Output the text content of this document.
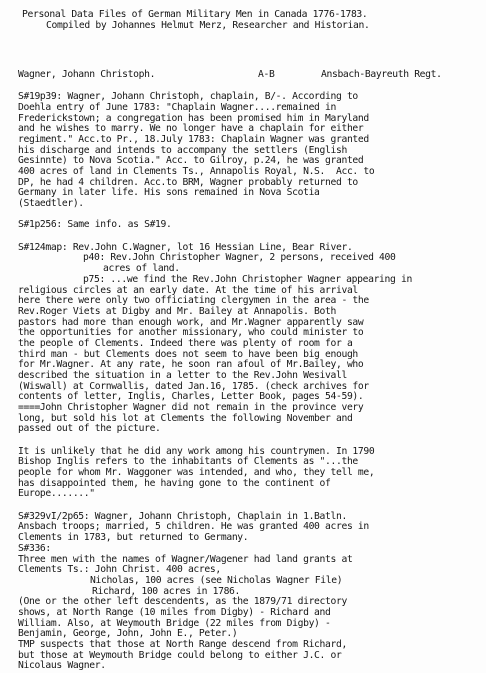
Personal Data Files of German Military Men in Canada 1776-1783.
Compiled by Johannes Helmut Merz, Researcher and Historian.
Wagner, Johann Christoph.	A-B	Ansbach-Bayreuth Regt.
S#19p39: Wagner, Johann Christoph, chaplain, B/-. According to
Doehla entry of June 1783: "Chaplain Wagner....remained in
Frederickstown; a congregation has been promised him in Maryland
and he wishes to marry. We no longer have a chaplain for either
regiment." Acc.to Pr., 18.July 1783: Chaplain Wagner was granted
his discharge and intends to accompany the settlers (English
Gesinnte) to Nova Scotia." Acc. to Gilroy, p.24, he was granted
400 acres of land in Clements Ts., Annapolis Royal, N.S.  Acc. to
DP, he had 4 children. Acc.to BRM, Wagner probably returned to
Germany in later life. His sons remained in Nova Scotia
(Staedtler).
S#1p256: Same info. as S#19.
S#124map: Rev.John C.Wagner, lot 16 Hessian Line, Bear River.
p40: Rev.John Christopher Wagner, 2 persons, received 400
acres of land.
p75: ...we find the Rev.John Christopher Wagner appearing in
religious circles at an early date. At the time of his arrival
here there were only two officiating clergymen in the area - the
Rev.Roger Viets at Digby and Mr. Bailey at Annapolis. Both
pastors had more than enough work, and Mr.Wagner apparently saw
the opportunities for another missionary, who could minister to
the people of Clements. Indeed there was plenty of room for a
third man - but Clements does not seem to have been big enough
for Mr.Wagner. At any rate, he soon ran afoul of Mr.Bailey, who
described the situation in a letter to the Rev.John Wesivall
(Wiswall) at Cornwallis, dated Jan.16, 1785. (check archives for
contents of letter, Inglis, Charles, Letter Book, pages 54-59).
====John Christopher Wagner did not remain in the province very
long, but sold his lot at Clements the following November and
passed out of the picture.
It is unlikely that he did any work among his countrymen. In 1790
Bishop Inglis refers to the inhabitants of Clements as "...the
people for whom Mr. Waggoner was intended, and who, they tell me,
has disappointed them, he having gone to the continent of
Europe......."
S#329vI/2p65: Wagner, Johann Christoph, Chaplain in 1.Batln.
Ansbach troops; married, 5 children. He was granted 400 acres in
Clements in 1783, but returned to Germany.
S#336:
Three men with the names of Wagner/Wagener had land grants at
Clements Ts.: John Christ. 400 acres,
Nicholas, 100 acres (see Nicholas Wagner File)
Richard, 100 acres in 1786.
(One or the other left descendents, as the 1879/71 directory
shows, at North Range (10 miles from Digby) - Richard and
William. Also, at Weymouth Bridge (22 miles from Digby) -
Benjamin, George, John, John E., Peter.)
TMP suspects that those at North Range descend from Richard,
but those at Weymouth Bridge could belong to either J.C. or
Nicolaus Wagner.
